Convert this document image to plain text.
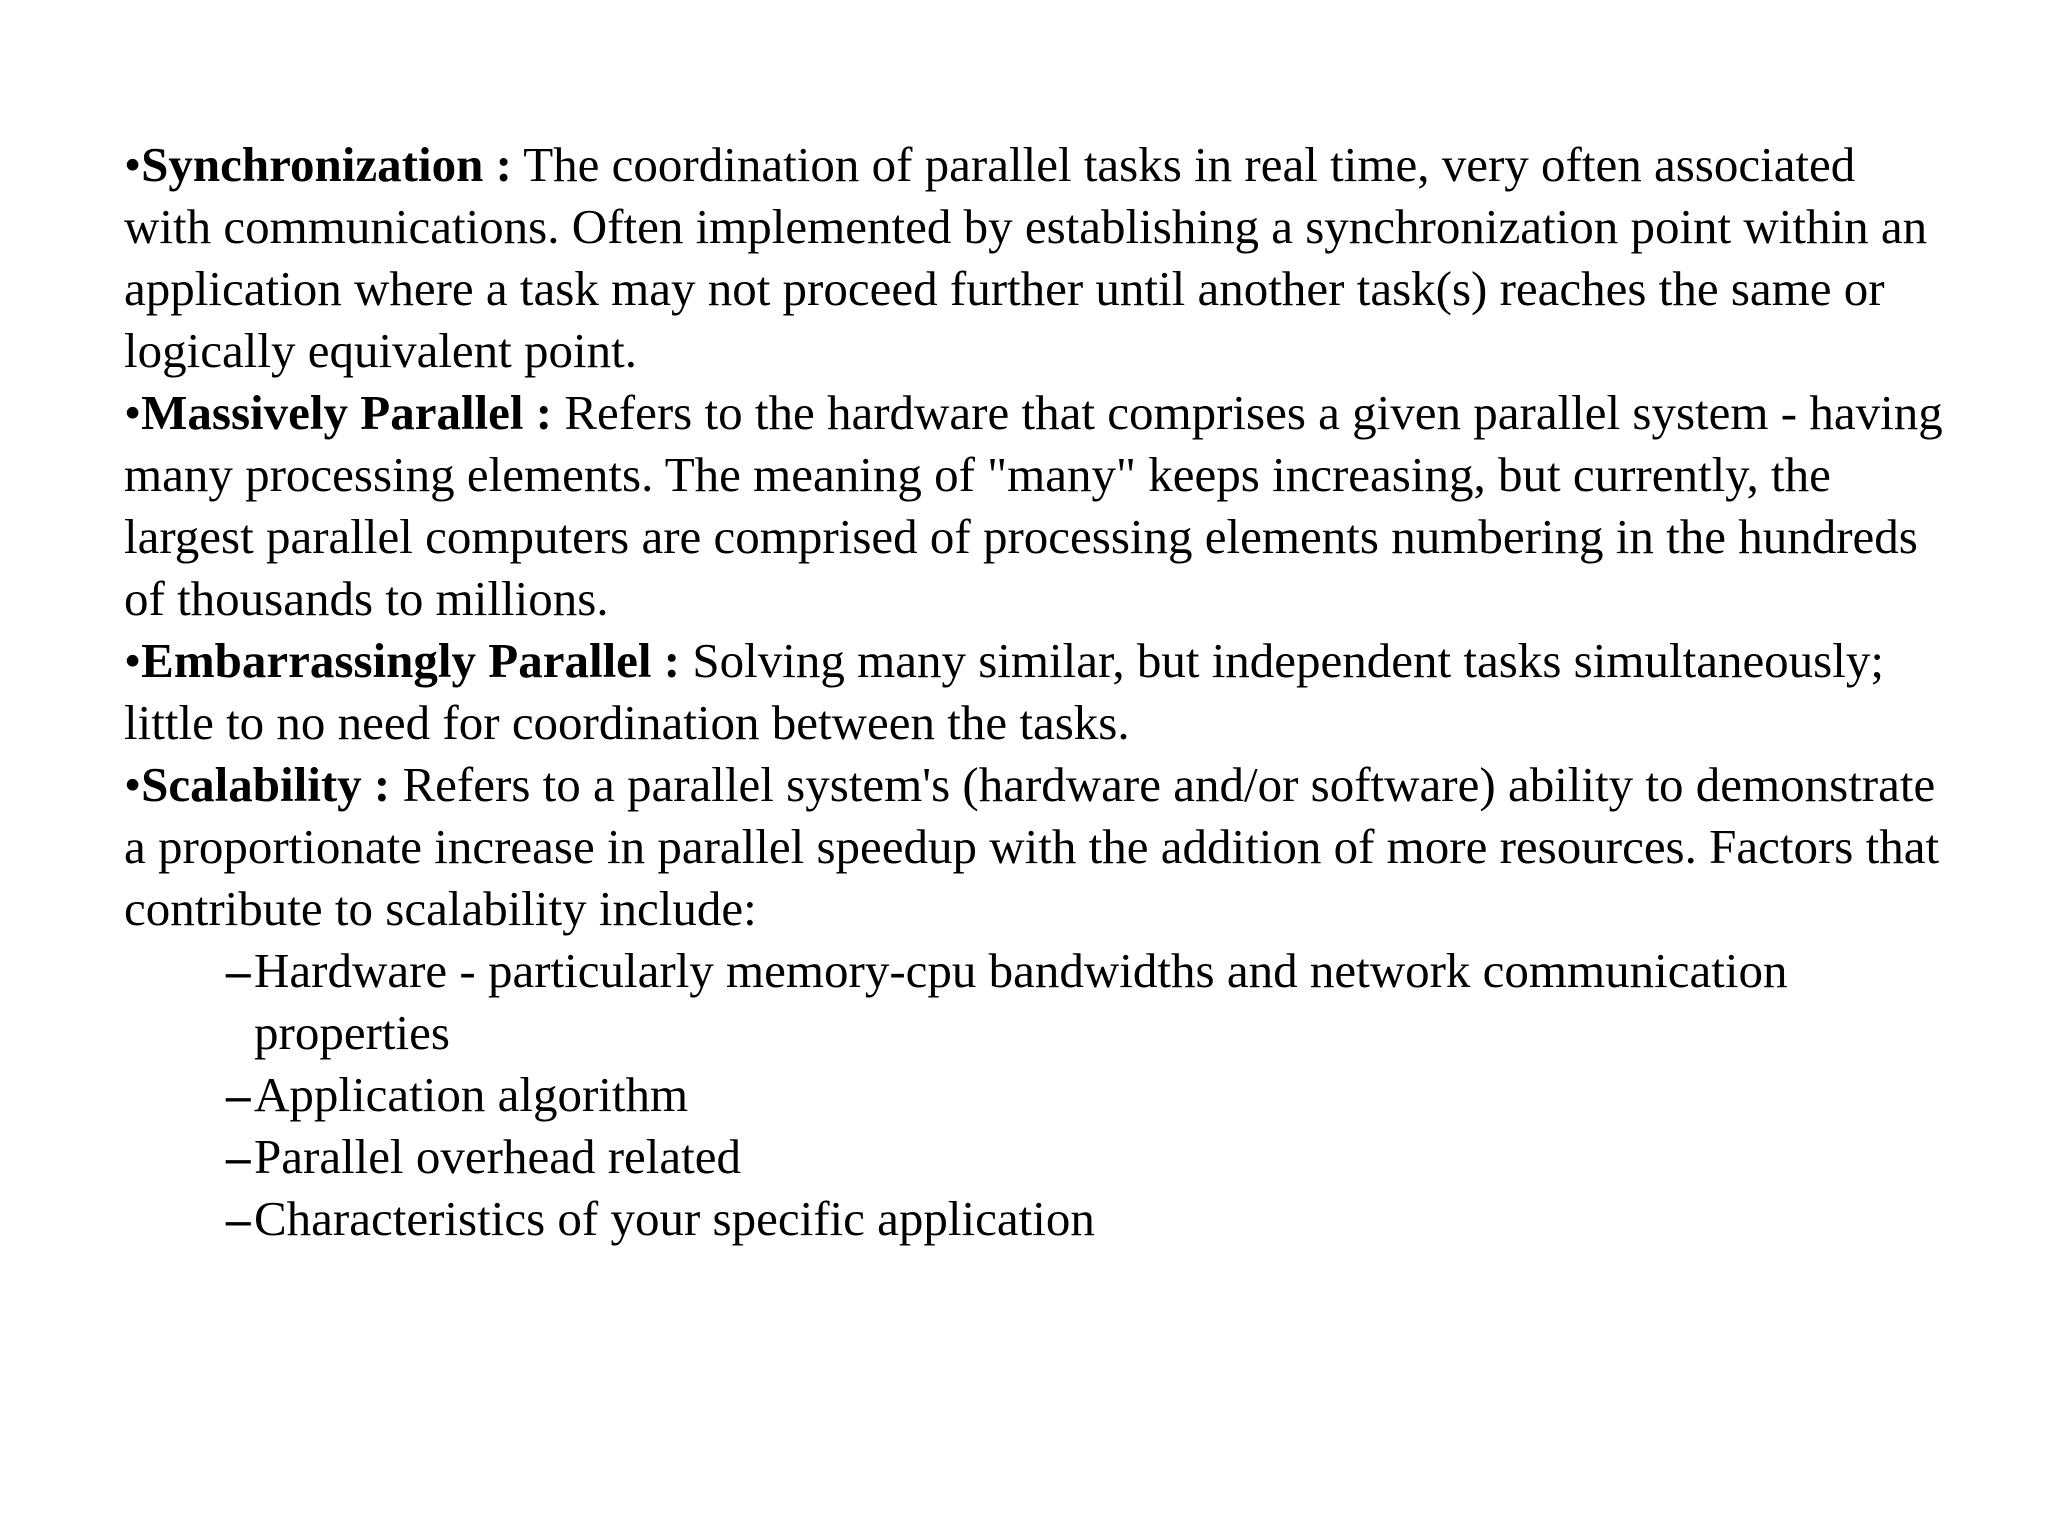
•Synchronization : The coordination of parallel tasks in real time, very often associated with communications. Often implemented by establishing a synchronization point within an application where a task may not proceed further until another task(s) reaches the same or logically equivalent point.

•Massively Parallel : Refers to the hardware that comprises a given parallel system - having many processing elements. The meaning of "many" keeps increasing, but currently, the largest parallel computers are comprised of processing elements numbering in the hundreds of thousands to millions.

•Embarrassingly Parallel : Solving many similar, but independent tasks simultaneously; little to no need for coordination between the tasks.

•Scalability : Refers to a parallel system's (hardware and/or software) ability to demonstrate a proportionate increase in parallel speedup with the addition of more resources. Factors that contribute to scalability include:

–Hardware - particularly memory-cpu bandwidths and network communication properties

–Application algorithm

–Parallel overhead related

–Characteristics of your specific application
